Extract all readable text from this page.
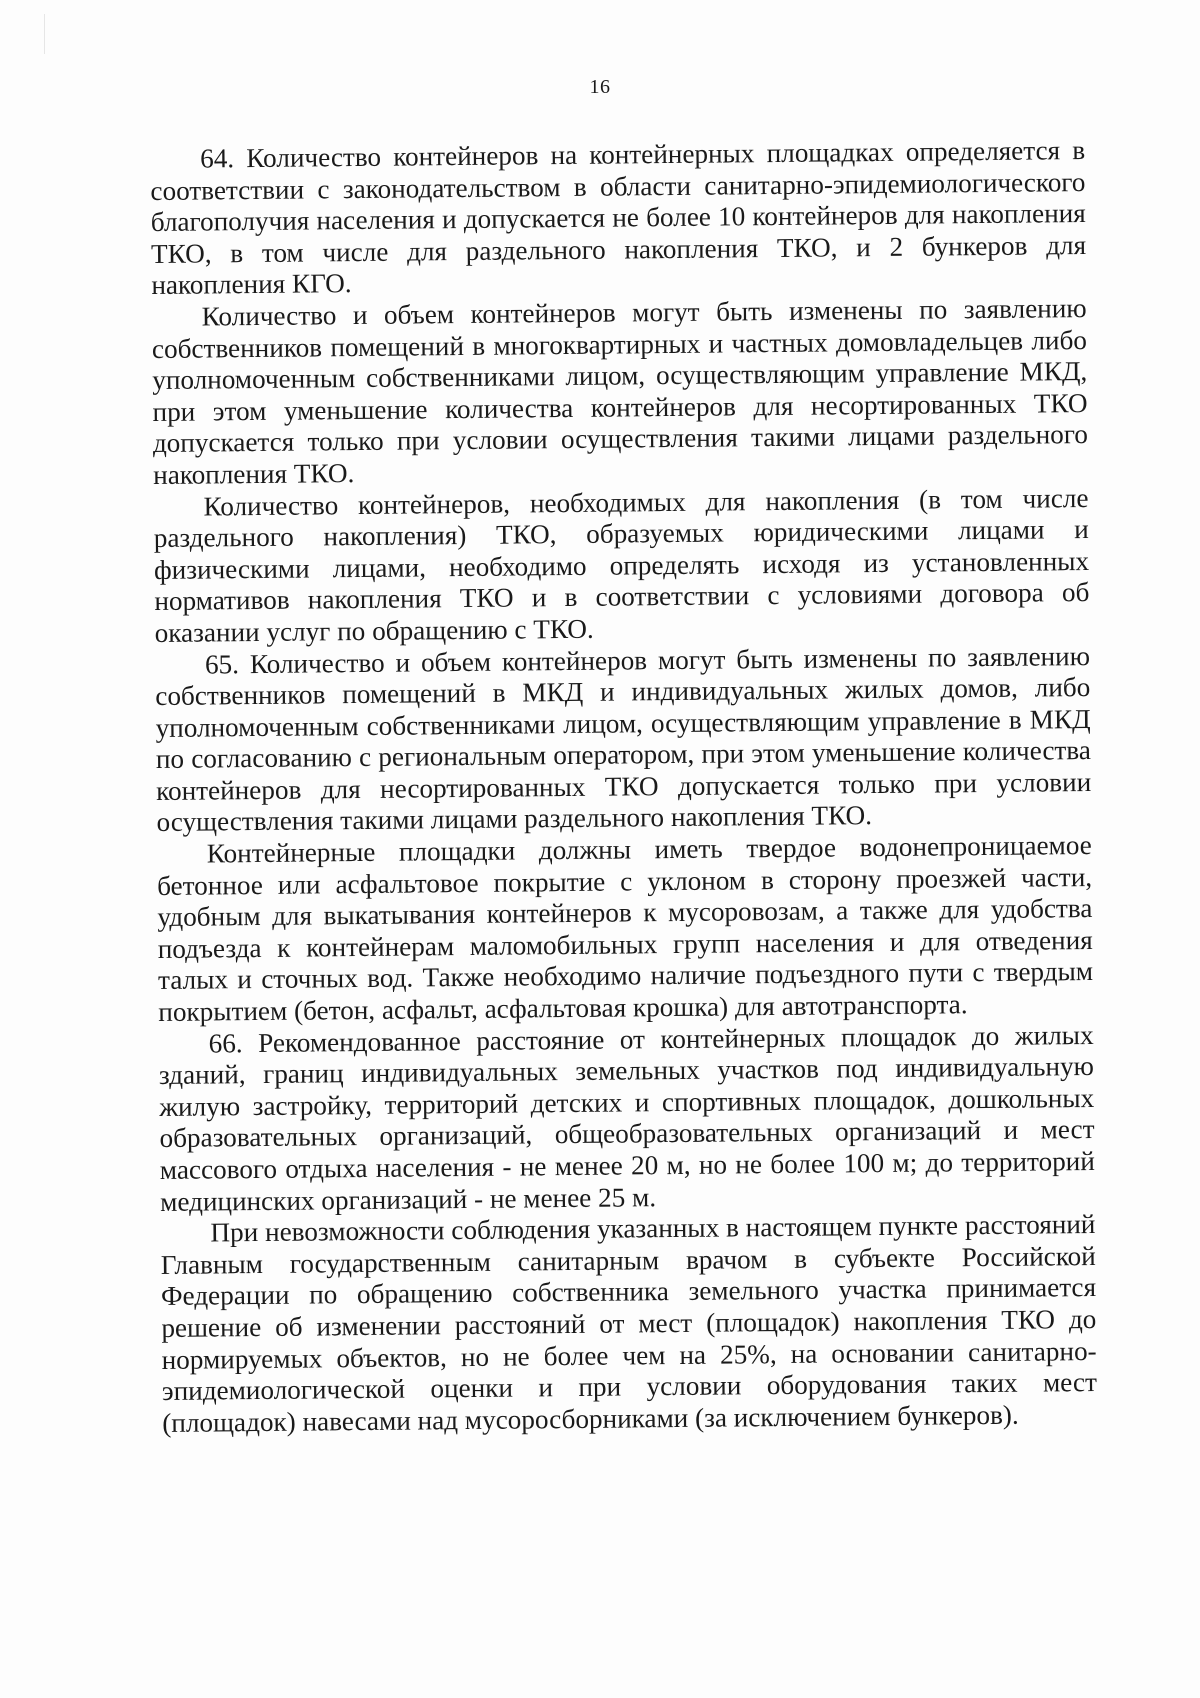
16

64. Количество контейнеров на контейнерных площадках определяется в соответствии с законодательством в области санитарно-эпидемиологического благополучия населения и допускается не более 10 контейнеров для накопления ТКО, в том числе для раздельного накопления ТКО, и 2 бункеров для накопления КГО.

Количество и объем контейнеров могут быть изменены по заявлению собственников помещений в многоквартирных и частных домовладельцев либо уполномоченным собственниками лицом, осуществляющим управление МКД, при этом уменьшение количества контейнеров для несортированных ТКО допускается только при условии осуществления такими лицами раздельного накопления ТКО.

Количество контейнеров, необходимых для накопления (в том числе раздельного накопления) ТКО, образуемых юридическими лицами и физическими лицами, необходимо определять исходя из установленных нормативов накопления ТКО и в соответствии с условиями договора об оказании услуг по обращению с ТКО.

65. Количество и объем контейнеров могут быть изменены по заявлению собственников помещений в МКД и индивидуальных жилых домов, либо уполномоченным собственниками лицом, осуществляющим управление в МКД по согласованию с региональным оператором, при этом уменьшение количества контейнеров для несортированных ТКО допускается только при условии осуществления такими лицами раздельного накопления ТКО.

Контейнерные площадки должны иметь твердое водонепроницаемое бетонное или асфальтовое покрытие с уклоном в сторону проезжей части, удобным для выкатывания контейнеров к мусоровозам, а также для удобства подъезда к контейнерам маломобильных групп населения и для отведения талых и сточных вод. Также необходимо наличие подъездного пути с твердым покрытием (бетон, асфальт, асфальтовая крошка) для автотранспорта.

66. Рекомендованное расстояние от контейнерных площадок до жилых зданий, границ индивидуальных земельных участков под индивидуальную жилую застройку, территорий детских и спортивных площадок, дошкольных образовательных организаций, общеобразовательных организаций и мест массового отдыха населения - не менее 20 м, но не более 100 м; до территорий медицинских организаций - не менее 25 м.

При невозможности соблюдения указанных в настоящем пункте расстояний Главным государственным санитарным врачом в субъекте Российской Федерации по обращению собственника земельного участка принимается решение об изменении расстояний от мест (площадок) накопления ТКО до нормируемых объектов, но не более чем на 25%, на основании санитарно-эпидемиологической оценки и при условии оборудования таких мест (площадок) навесами над мусоросборниками (за исключением бункеров).
